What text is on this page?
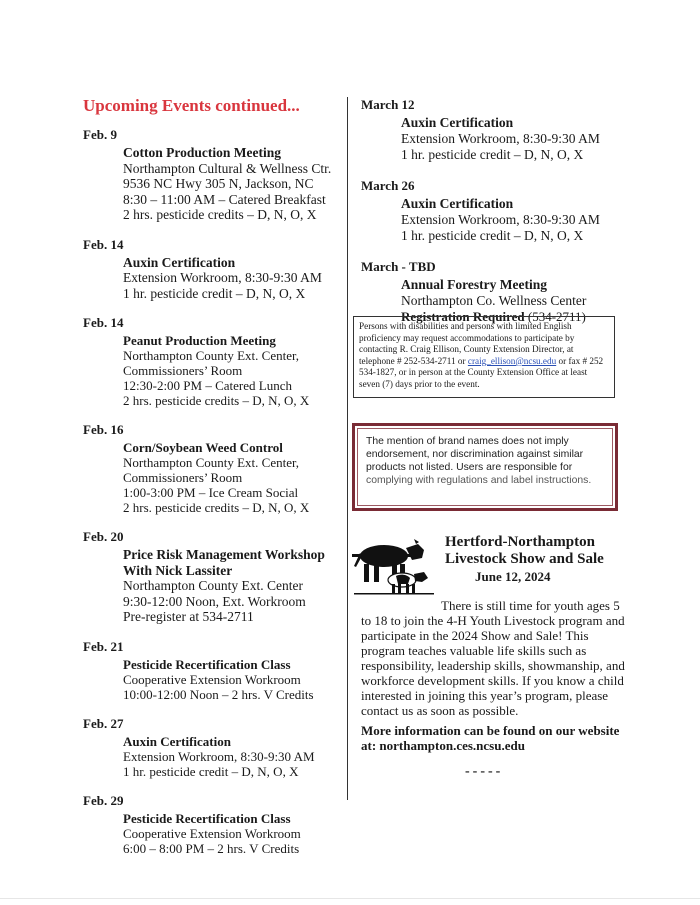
Upcoming Events continued...
Feb. 9
Cotton Production Meeting
Northampton Cultural & Wellness Ctr.
9536 NC Hwy 305 N, Jackson, NC
8:30 – 11:00 AM – Catered Breakfast
2 hrs. pesticide credits – D, N, O, X
Feb. 14
Auxin Certification
Extension Workroom, 8:30-9:30 AM
1 hr. pesticide credit – D, N, O, X
Feb. 14
Peanut Production Meeting
Northampton County Ext. Center,
Commissioners’ Room
12:30-2:00 PM – Catered Lunch
2 hrs. pesticide credits – D, N, O, X
Feb. 16
Corn/Soybean Weed Control
Northampton County Ext. Center,
Commissioners’ Room
1:00-3:00 PM – Ice Cream Social
2 hrs. pesticide credits – D, N, O, X
Feb. 20
Price Risk Management Workshop
With Nick Lassiter
Northampton County Ext. Center
9:30-12:00 Noon, Ext. Workroom
Pre-register at 534-2711
Feb. 21
Pesticide Recertification Class
Cooperative Extension Workroom
10:00-12:00 Noon – 2 hrs. V Credits
Feb. 27
Auxin Certification
Extension Workroom, 8:30-9:30 AM
1 hr. pesticide credit – D, N, O, X
Feb. 29
Pesticide Recertification Class
Cooperative Extension Workroom
6:00 – 8:00 PM – 2 hrs. V Credits
March 12
Auxin Certification
Extension Workroom, 8:30-9:30 AM
1 hr. pesticide credit – D, N, O, X
March 26
Auxin Certification
Extension Workroom, 8:30-9:30 AM
1 hr. pesticide credit – D, N, O, X
March - TBD
Annual Forestry Meeting
Northampton Co. Wellness Center
Registration Required (534-2711)
Persons with disabilities and persons with limited English proficiency may request accommodations to participate by contacting R. Craig Ellison, County Extension Director, at telephone # 252-534-2711 or craig_ellison@ncsu.edu or fax # 252 534-1827, or in person at the County Extension Office at least seven (7) days prior to the event.
The mention of brand names does not imply endorsement, nor discrimination against similar products not listed. Users are responsible for complying with regulations and label instructions.
Hertford-Northampton Livestock Show and Sale
June 12, 2024
There is still time for youth ages 5 to 18 to join the 4-H Youth Livestock program and participate in the 2024 Show and Sale! This program teaches valuable life skills such as responsibility, leadership skills, showmanship, and workforce development skills. If you know a child interested in joining this year’s program, please contact us as soon as possible.
More information can be found on our website at: northampton.ces.ncsu.edu
-----
